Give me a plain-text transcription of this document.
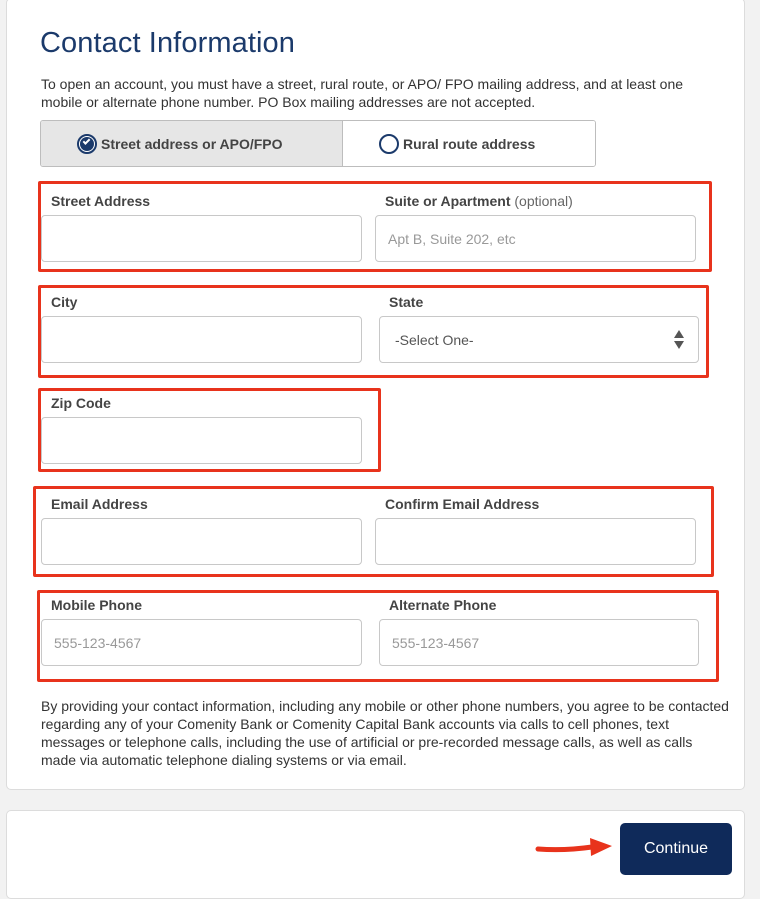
Contact Information

To open an account, you must have a street, rural route, or APO/ FPO mailing address, and at least one mobile or alternate phone number. PO Box mailing addresses are not accepted.

Street address or APO/FPO	Rural route address
Street Address	Suite or Apartment (optional)
Apt B, Suite 202, etc
City	State
-Select One-
Zip Code
Email Address	Confirm Email Address
Mobile Phone
555-123-4567
Alternate Phone
555-123-4567

By providing your contact information, including any mobile or other phone numbers, you agree to be contacted regarding any of your Comenity Bank or Comenity Capital Bank accounts via calls to cell phones, text messages or telephone calls, including the use of artificial or pre-recorded message calls, as well as calls made via automatic telephone dialing systems or via email.

Continue
